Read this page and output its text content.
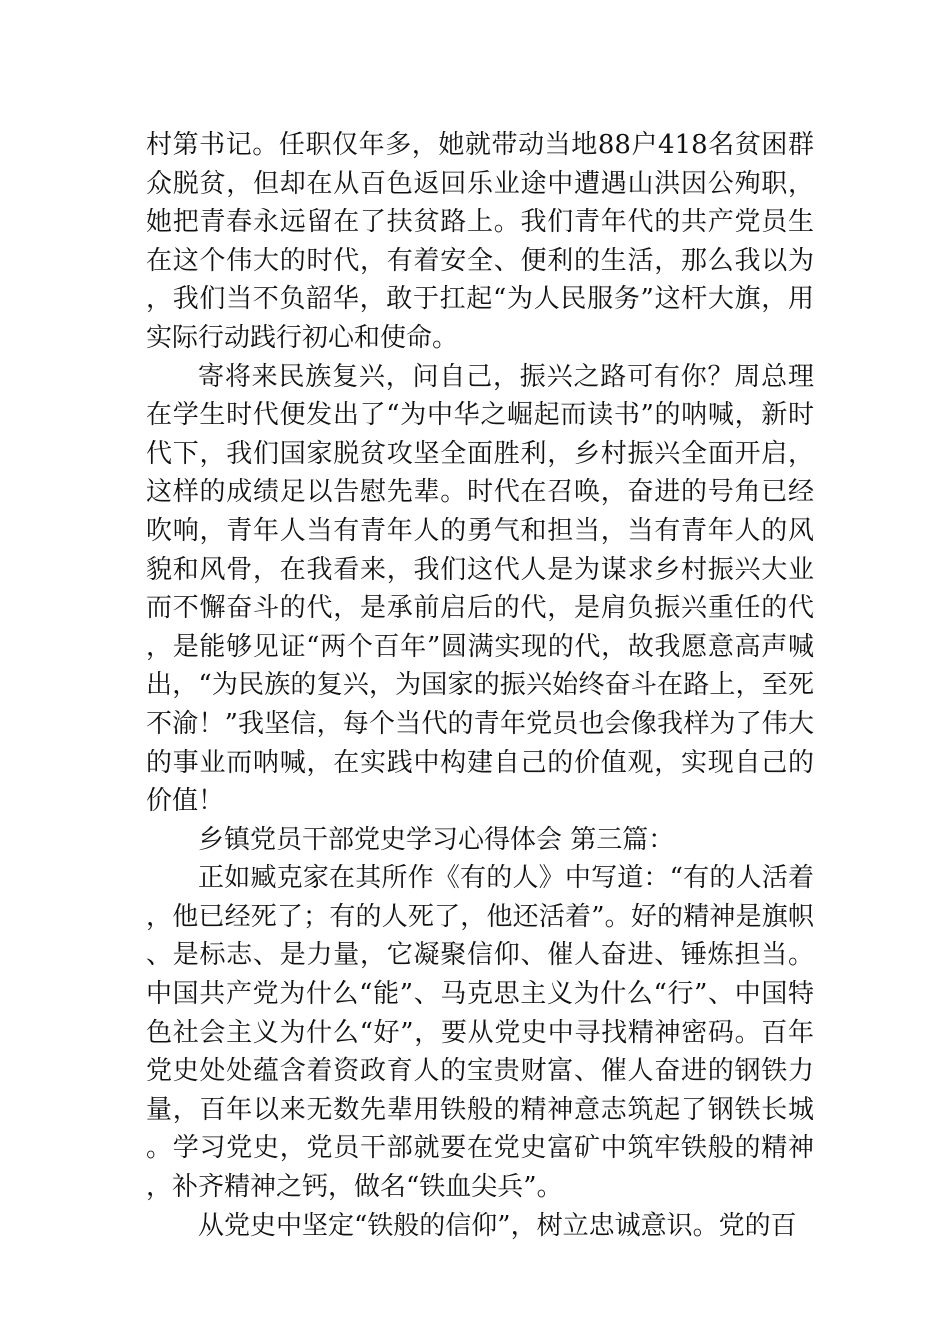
村第书记。任职仅年多，她就带动当地88户418名贫困群众脱贫，但却在从百色返回乐业途中遭遇山洪因公殉职，她把青春永远留在了扶贫路上。我们青年代的共产党员生在这个伟大的时代，有着安全、便利的生活，那么我以为，我们当不负韶华，敢于扛起“为人民服务”这杆大旗，用实际行动践行初心和使命。

寄将来民族复兴，问自己，振兴之路可有你？周总理在学生时代便发出了“为中华之崛起而读书”的呐喊，新时代下，我们国家脱贫攻坚全面胜利，乡村振兴全面开启，这样的成绩足以告慰先辈。时代在召唤，奋进的号角已经吹响，青年人当有青年人的勇气和担当，当有青年人的风貌和风骨，在我看来，我们这代人是为谋求乡村振兴大业而不懈奋斗的代，是承前启后的代，是肩负振兴重任的代，是能够见证“两个百年”圆满实现的代，故我愿意高声喊出，“为民族的复兴，为国家的振兴始终奋斗在路上，至死不渝！”我坚信，每个当代的青年党员也会像我样为了伟大的事业而呐喊，在实践中构建自己的价值观，实现自己的价值！

乡镇党员干部党史学习心得体会 第三篇：

正如臧克家在其所作《有的人》中写道：“有的人活着，他已经死了；有的人死了，他还活着”。好的精神是旗帜、是标志、是力量，它凝聚信仰、催人奋进、锤炼担当。中国共产党为什么“能”、马克思主义为什么“行”、中国特色社会主义为什么“好”，要从党史中寻找精神密码。百年党史处处蕴含着资政育人的宝贵财富、催人奋进的钢铁力量，百年以来无数先辈用铁般的精神意志筑起了钢铁长城。学习党史，党员干部就要在党史富矿中筑牢铁般的精神，补齐精神之钙，做名“铁血尖兵”。

从党史中坚定“铁般的信仰”，树立忠诚意识。党的百
